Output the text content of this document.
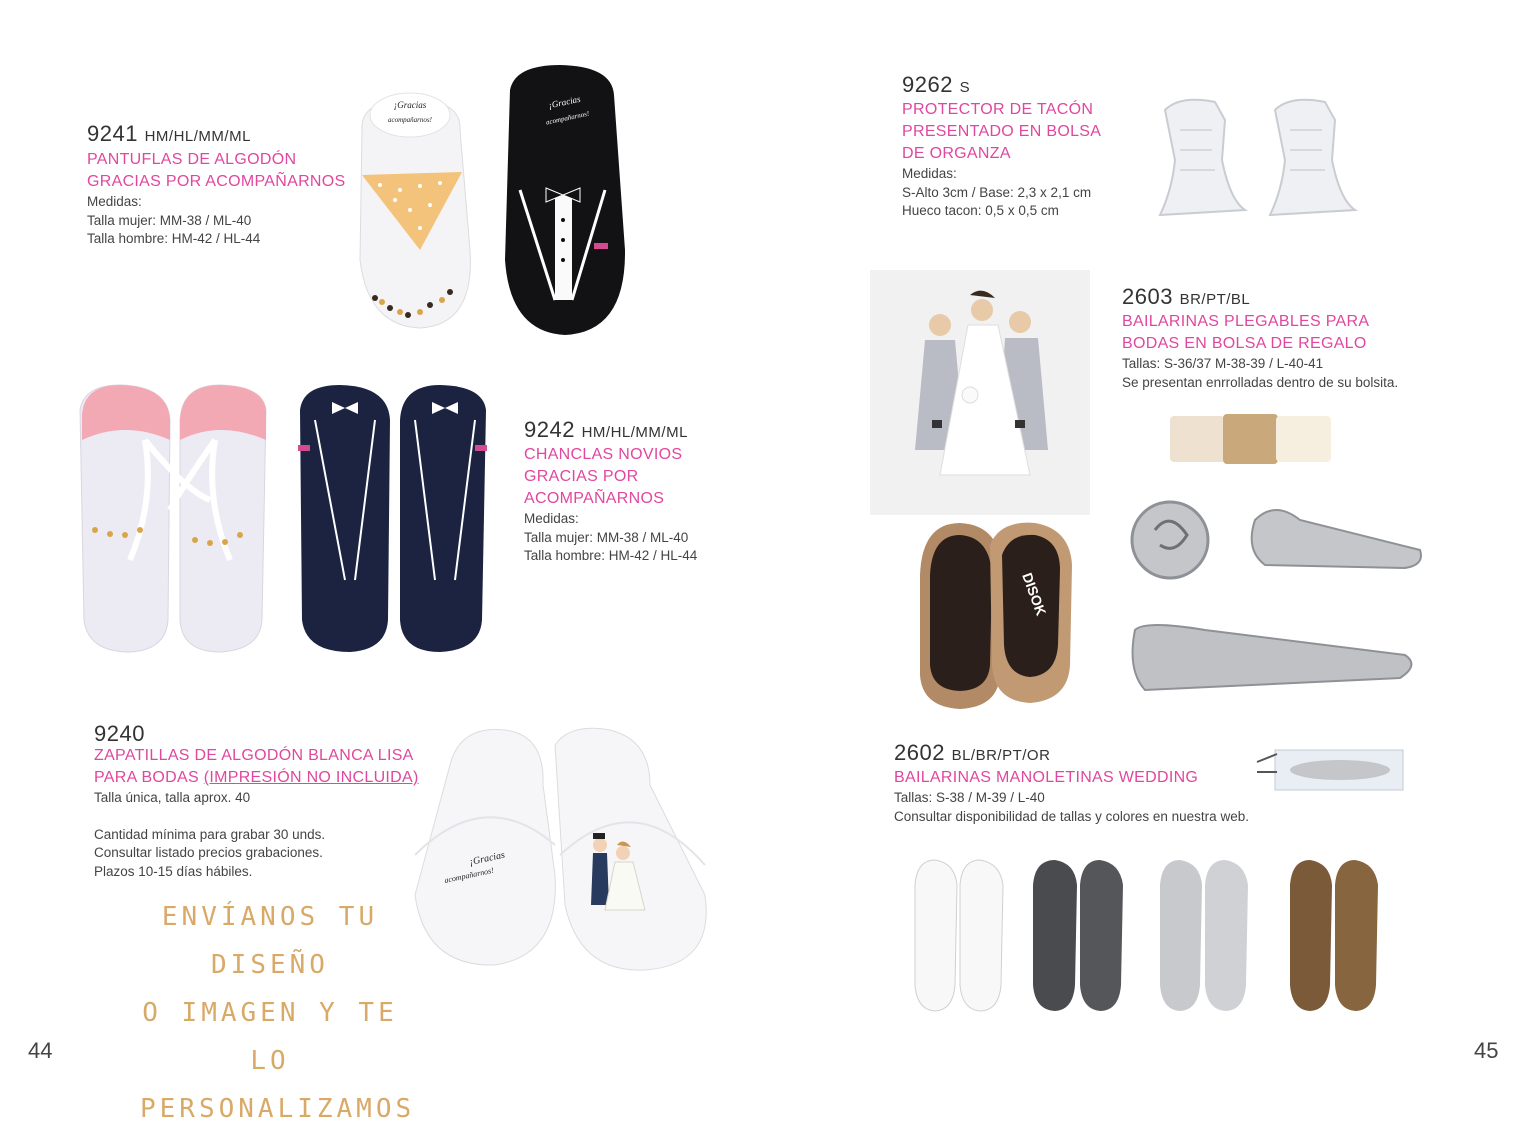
9241 HM/HL/MM/ML
PANTUFLAS DE ALGODÓN
GRACIAS POR ACOMPAÑARNOS
Medidas:
Talla mujer: MM-38 / ML-40
Talla hombre: HM-42 / HL-44
¡Gracias
acompañarnos!
¡Gracias
acompañarnos!
9242 HM/HL/MM/ML
CHANCLAS NOVIOS
GRACIAS POR
ACOMPAÑARNOS
Medidas:
Talla mujer: MM-38 / ML-40
Talla hombre: HM-42 / HL-44
9240
ZAPATILLAS DE ALGODÓN BLANCA LISA
PARA BODAS (IMPRESIÓN NO INCLUIDA)
Talla única, talla aprox. 40
Cantidad mínima para grabar 30 unds.
Consultar listado precios grabaciones.
Plazos 10-15 días hábiles.
ENVÍANOS TU DISEÑO
O IMAGEN Y TE
LO PERSONALIZAMOS
¡Gracias
acompañarnos!
44
9262 S
PROTECTOR DE TACÓN
PRESENTADO EN BOLSA
DE ORGANZA
Medidas:
S-Alto 3cm / Base: 2,3 x 2,1 cm
Hueco tacon: 0,5 x 0,5 cm
2603 BR/PT/BL
BAILARINAS PLEGABLES PARA
BODAS EN BOLSA DE REGALO
Tallas: S-36/37 M-38-39 / L-40-41
Se presentan enrrolladas dentro de su bolsita.
DISOK
2602 BL/BR/PT/OR
BAILARINAS MANOLETINAS WEDDING
Tallas: S-38 / M-39 / L-40
Consultar disponibilidad de tallas y colores en nuestra web.
45
